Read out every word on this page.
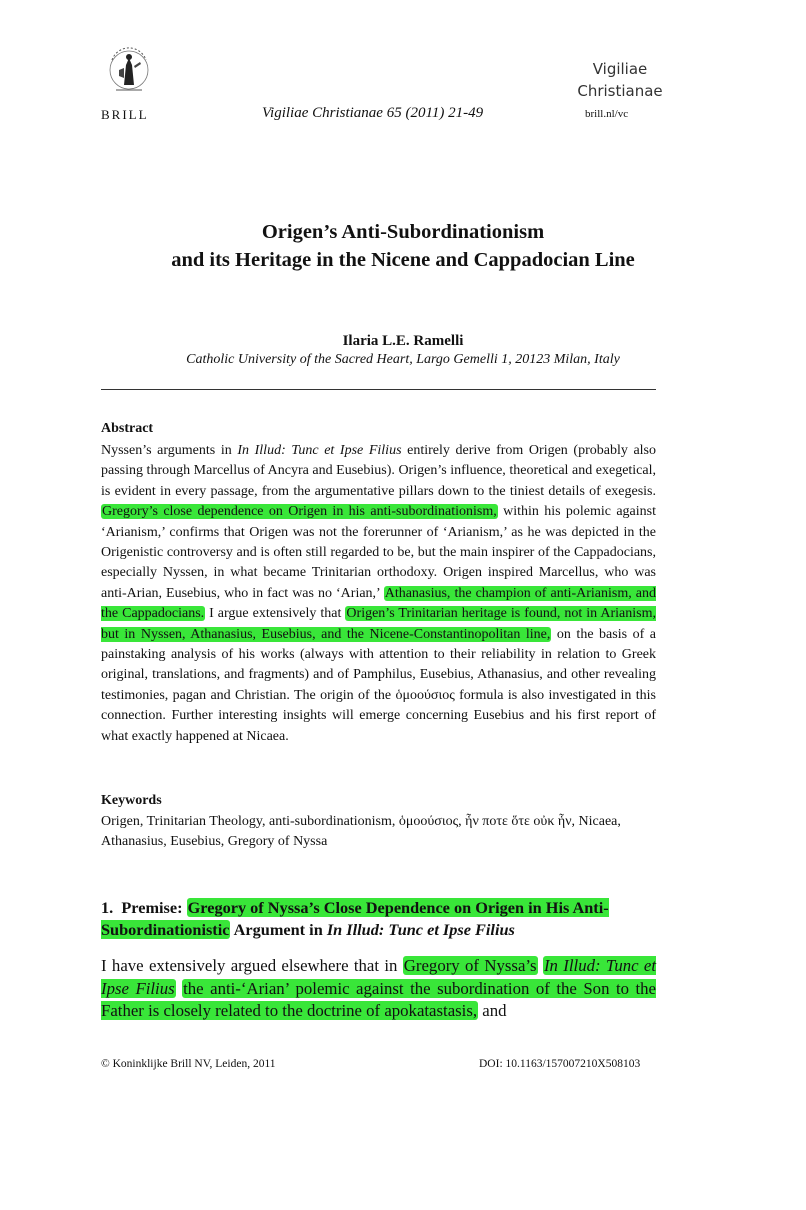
BRILL	Vigiliae Christianae 65 (2011) 21-49
Vigiliae
Christianae
brill.nl/vc
Origen’s Anti-Subordinationism
and its Heritage in the Nicene and Cappadocian Line
Ilaria L.E. Ramelli
Catholic University of the Sacred Heart, Largo Gemelli 1, 20123 Milan, Italy
Abstract
Nyssen’s arguments in In Illud: Tunc et Ipse Filius entirely derive from Origen (probably also passing through Marcellus of Ancyra and Eusebius). Origen’s influence, theoretical and exegetical, is evident in every passage, from the argumentative pillars down to the tiniest details of exegesis. Gregory’s close dependence on Origen in his anti-subordinationism, within his polemic against ‘Arianism,’ confirms that Origen was not the forerunner of ‘Arianism,’ as he was depicted in the Origenistic controversy and is often still regarded to be, but the main inspirer of the Cappadocians, especially Nyssen, in what became Trinitarian orthodoxy. Origen inspired Marcellus, who was anti-Arian, Eusebius, who in fact was no ‘Arian,’ Athanasius, the champion of anti-Arianism, and the Cappadocians. I argue extensively that Origen’s Trinitarian heritage is found, not in Arianism, but in Nyssen, Athanasius, Eusebius, and the Nicene-Constantinopolitan line, on the basis of a painstaking analysis of his works (always with attention to their reliability in relation to Greek original, translations, and fragments) and of Pamphilus, Eusebius, Athanasius, and other revealing testimonies, pagan and Christian. The origin of the ὁμοούσιος formula is also investigated in this connection. Further interesting insights will emerge concerning Eusebius and his first report of what exactly happened at Nicaea.
Keywords
Origen, Trinitarian Theology, anti-subordinationism, ὁμοούσιος, ἦν ποτε ὅτε οὐκ ἦν, Nicaea, Athanasius, Eusebius, Gregory of Nyssa
1. Premise: Gregory of Nyssa’s Close Dependence on Origen in His Anti-Subordinationistic Argument in In Illud: Tunc et Ipse Filius
I have extensively argued elsewhere that in Gregory of Nyssa’s In Illud: Tunc et Ipse Filius the anti-‘Arian’ polemic against the subordination of the Son to the Father is closely related to the doctrine of apokatastasis, and
© Koninklijke Brill NV, Leiden, 2011	DOI: 10.1163/157007210X508103
